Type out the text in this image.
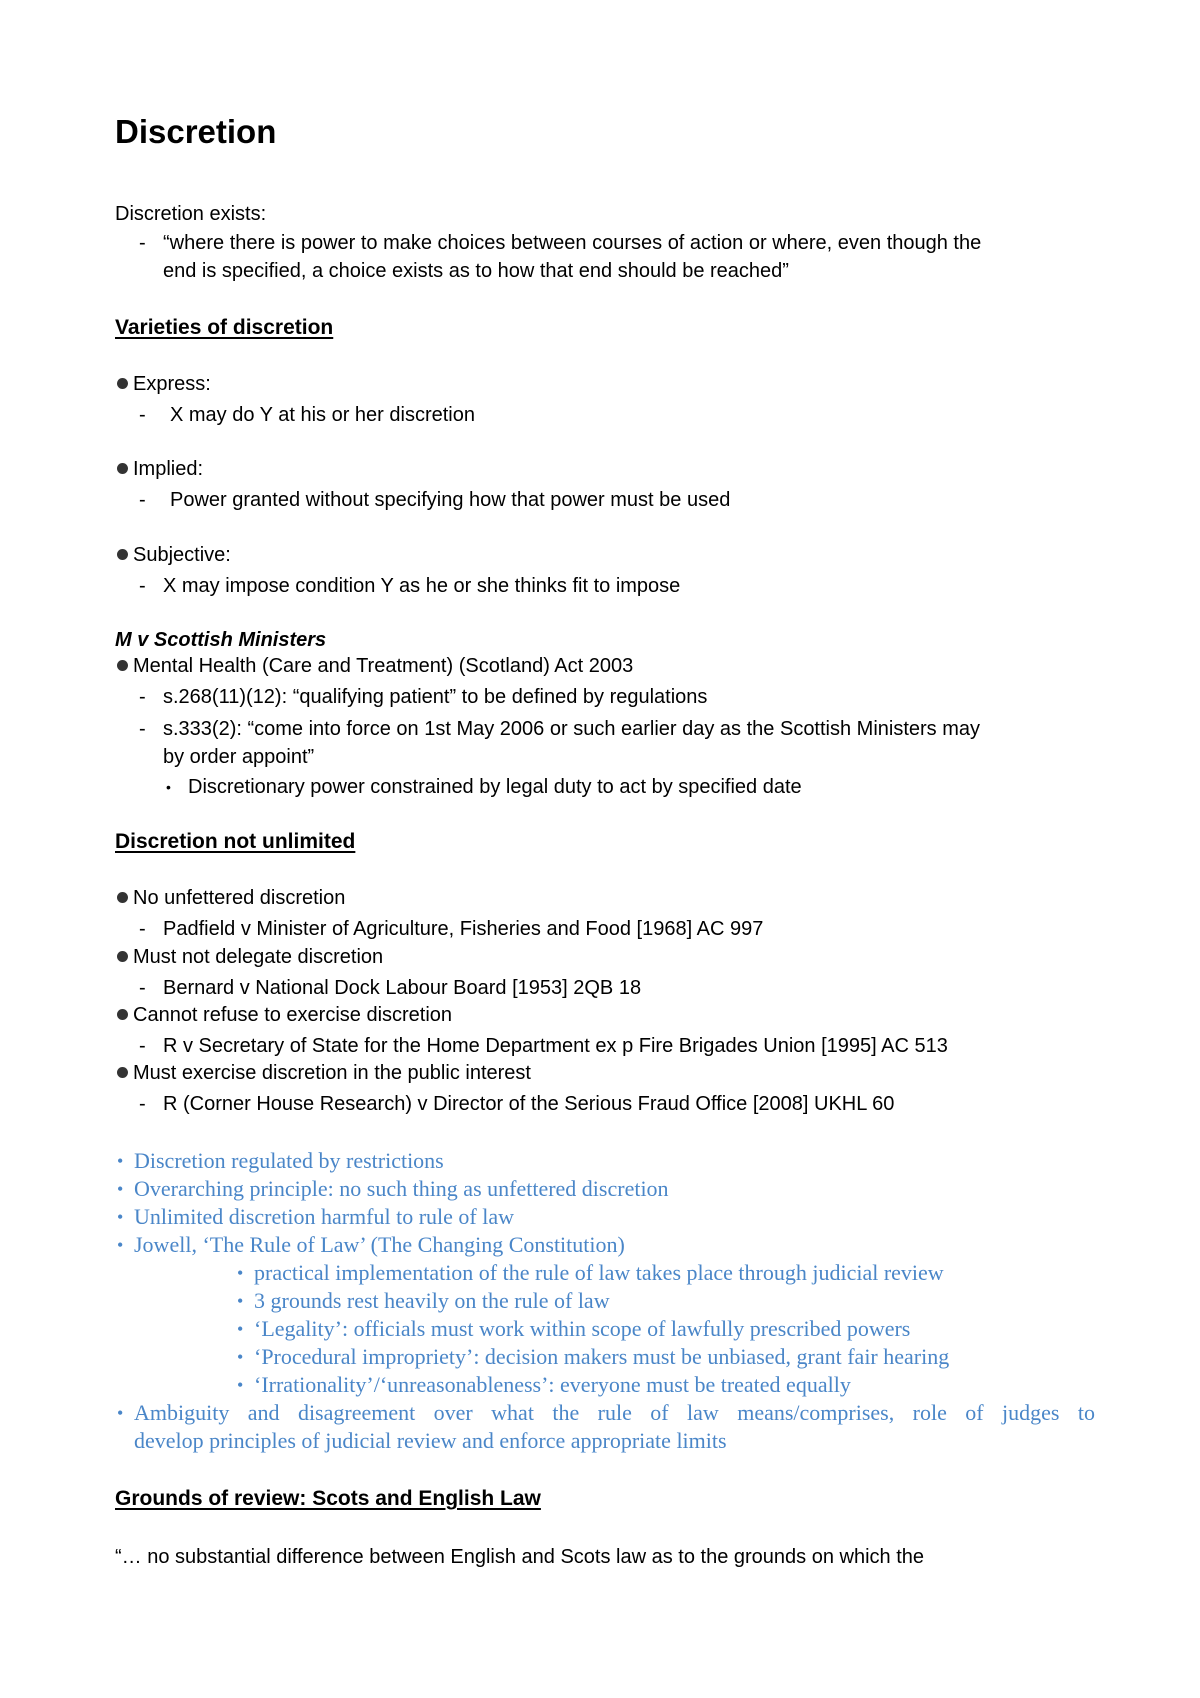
Discretion
Discretion exists:
- “where there is power to make choices between courses of action or where, even though the
end is specified, a choice exists as to how that end should be reached”
Varieties of discretion
Express:
- X may do Y at his or her discretion
Implied:
- Power granted without specifying how that power must be used
Subjective:
- X may impose condition Y as he or she thinks fit to impose
M v Scottish Ministers
Mental Health (Care and Treatment) (Scotland) Act 2003
- s.268(11)(12): “qualifying patient” to be defined by regulations
- s.333(2): “come into force on 1st May 2006 or such earlier day as the Scottish Ministers may
by order appoint”
• Discretionary power constrained by legal duty to act by specified date
Discretion not unlimited
No unfettered discretion
- Padfield v Minister of Agriculture, Fisheries and Food [1968] AC 997
Must not delegate discretion
- Bernard v National Dock Labour Board [1953] 2QB 18
Cannot refuse to exercise discretion
- R v Secretary of State for the Home Department ex p Fire Brigades Union [1995] AC 513
Must exercise discretion in the public interest
- R (Corner House Research) v Director of the Serious Fraud Office [2008] UKHL 60
• Discretion regulated by restrictions
• Overarching principle: no such thing as unfettered discretion
• Unlimited discretion harmful to rule of law
• Jowell, ‘The Rule of Law’ (The Changing Constitution)
• practical implementation of the rule of law takes place through judicial review
• 3 grounds rest heavily on the rule of law
• ‘Legality’: officials must work within scope of lawfully prescribed powers
• ‘Procedural impropriety’: decision makers must be unbiased, grant fair hearing
• ‘Irrationality’/‘unreasonableness’: everyone must be treated equally
• Ambiguity and disagreement over what the rule of law means/comprises, role of judges to
develop principles of judicial review and enforce appropriate limits
Grounds of review: Scots and English Law
“… no substantial difference between English and Scots law as to the grounds on which the
